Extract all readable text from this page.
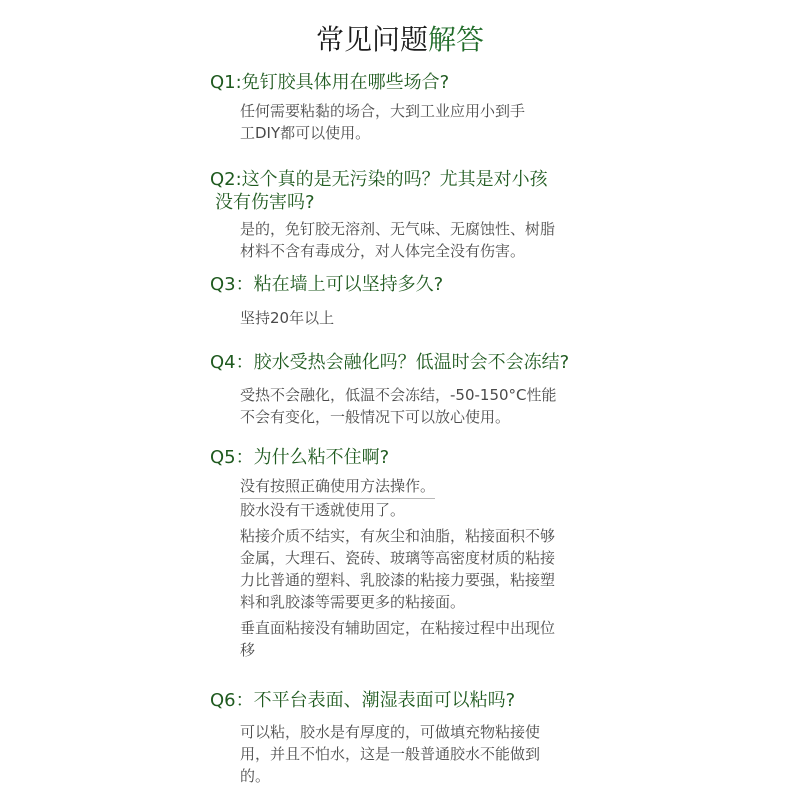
常见问题解答
Q1:免钉胶具体用在哪些场合?
任何需要粘黏的场合，大到工业应用小到手
工DIY都可以使用。
Q2:这个真的是无污染的吗？尤其是对小孩
没有伤害吗?
是的，免钉胶无溶剂、无气味、无腐蚀性、树脂
材料不含有毒成分，对人体完全没有伤害。
Q3：粘在墙上可以坚持多久?
坚持20年以上
Q4：胶水受热会融化吗？低温时会不会冻结?
受热不会融化，低温不会冻结，-50-150°C性能
不会有变化，一般情况下可以放心使用。
Q5：为什么粘不住啊?
没有按照正确使用方法操作。
胶水没有干透就使用了。
粘接介质不结实，有灰尘和油脂，粘接面积不够
金属，大理石、瓷砖、玻璃等高密度材质的粘接
力比普通的塑料、乳胶漆的粘接力要强，粘接塑
料和乳胶漆等需要更多的粘接面。
垂直面粘接没有辅助固定，在粘接过程中出现位
移
Q6：不平台表面、潮湿表面可以粘吗?
可以粘，胶水是有厚度的，可做填充物粘接使
用，并且不怕水，这是一般普通胶水不能做到
的。
